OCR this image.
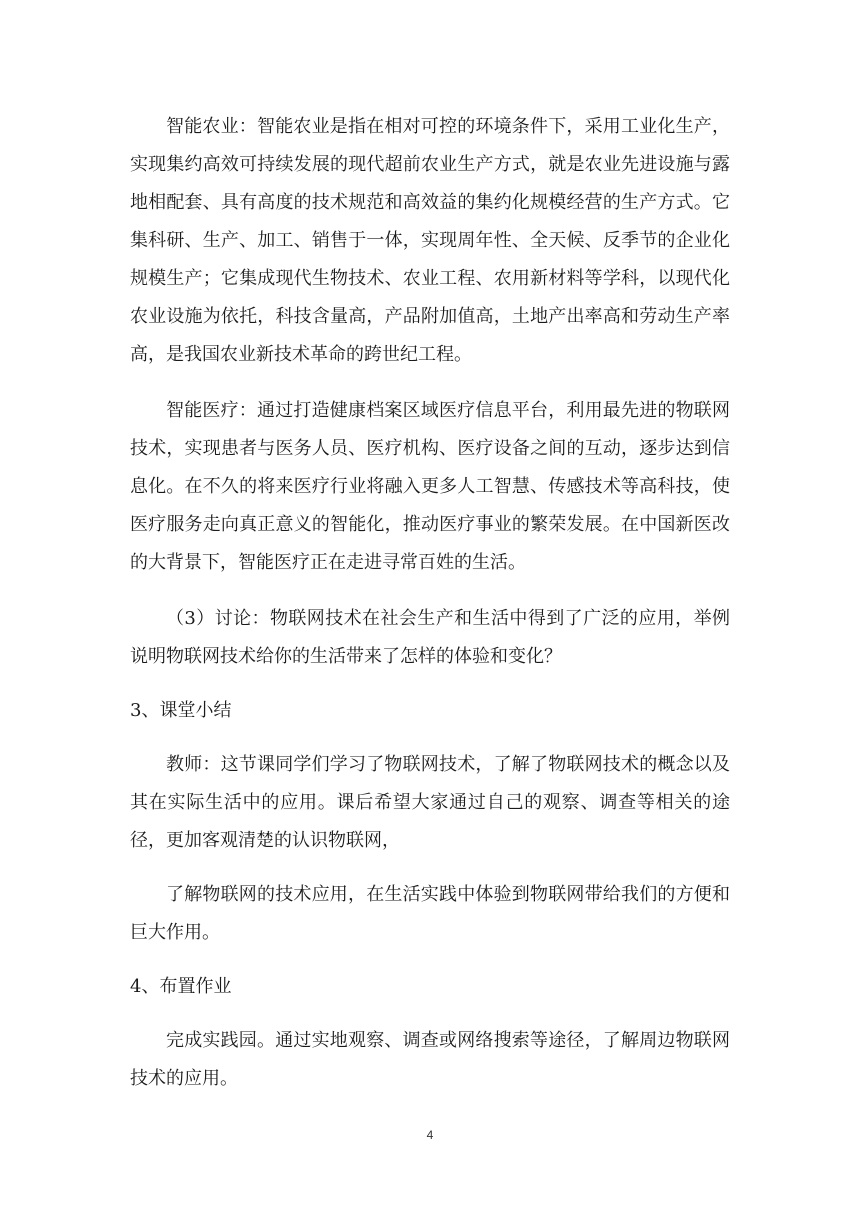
智能农业：智能农业是指在相对可控的环境条件下，采用工业化生产，实现集约高效可持续发展的现代超前农业生产方式，就是农业先进设施与露地相配套、具有高度的技术规范和高效益的集约化规模经营的生产方式。它集科研、生产、加工、销售于一体，实现周年性、全天候、反季节的企业化规模生产；它集成现代生物技术、农业工程、农用新材料等学科，以现代化农业设施为依托，科技含量高，产品附加值高，土地产出率高和劳动生产率高，是我国农业新技术革命的跨世纪工程。

智能医疗：通过打造健康档案区域医疗信息平台，利用最先进的物联网技术，实现患者与医务人员、医疗机构、医疗设备之间的互动，逐步达到信息化。在不久的将来医疗行业将融入更多人工智慧、传感技术等高科技，使医疗服务走向真正意义的智能化，推动医疗事业的繁荣发展。在中国新医改的大背景下，智能医疗正在走进寻常百姓的生活。

（3）讨论：物联网技术在社会生产和生活中得到了广泛的应用，举例说明物联网技术给你的生活带来了怎样的体验和变化？

3、课堂小结

教师：这节课同学们学习了物联网技术，了解了物联网技术的概念以及其在实际生活中的应用。课后希望大家通过自己的观察、调查等相关的途径，更加客观清楚的认识物联网，

了解物联网的技术应用，在生活实践中体验到物联网带给我们的方便和巨大作用。

4、布置作业

完成实践园。通过实地观察、调查或网络搜索等途径，了解周边物联网技术的应用。

4
